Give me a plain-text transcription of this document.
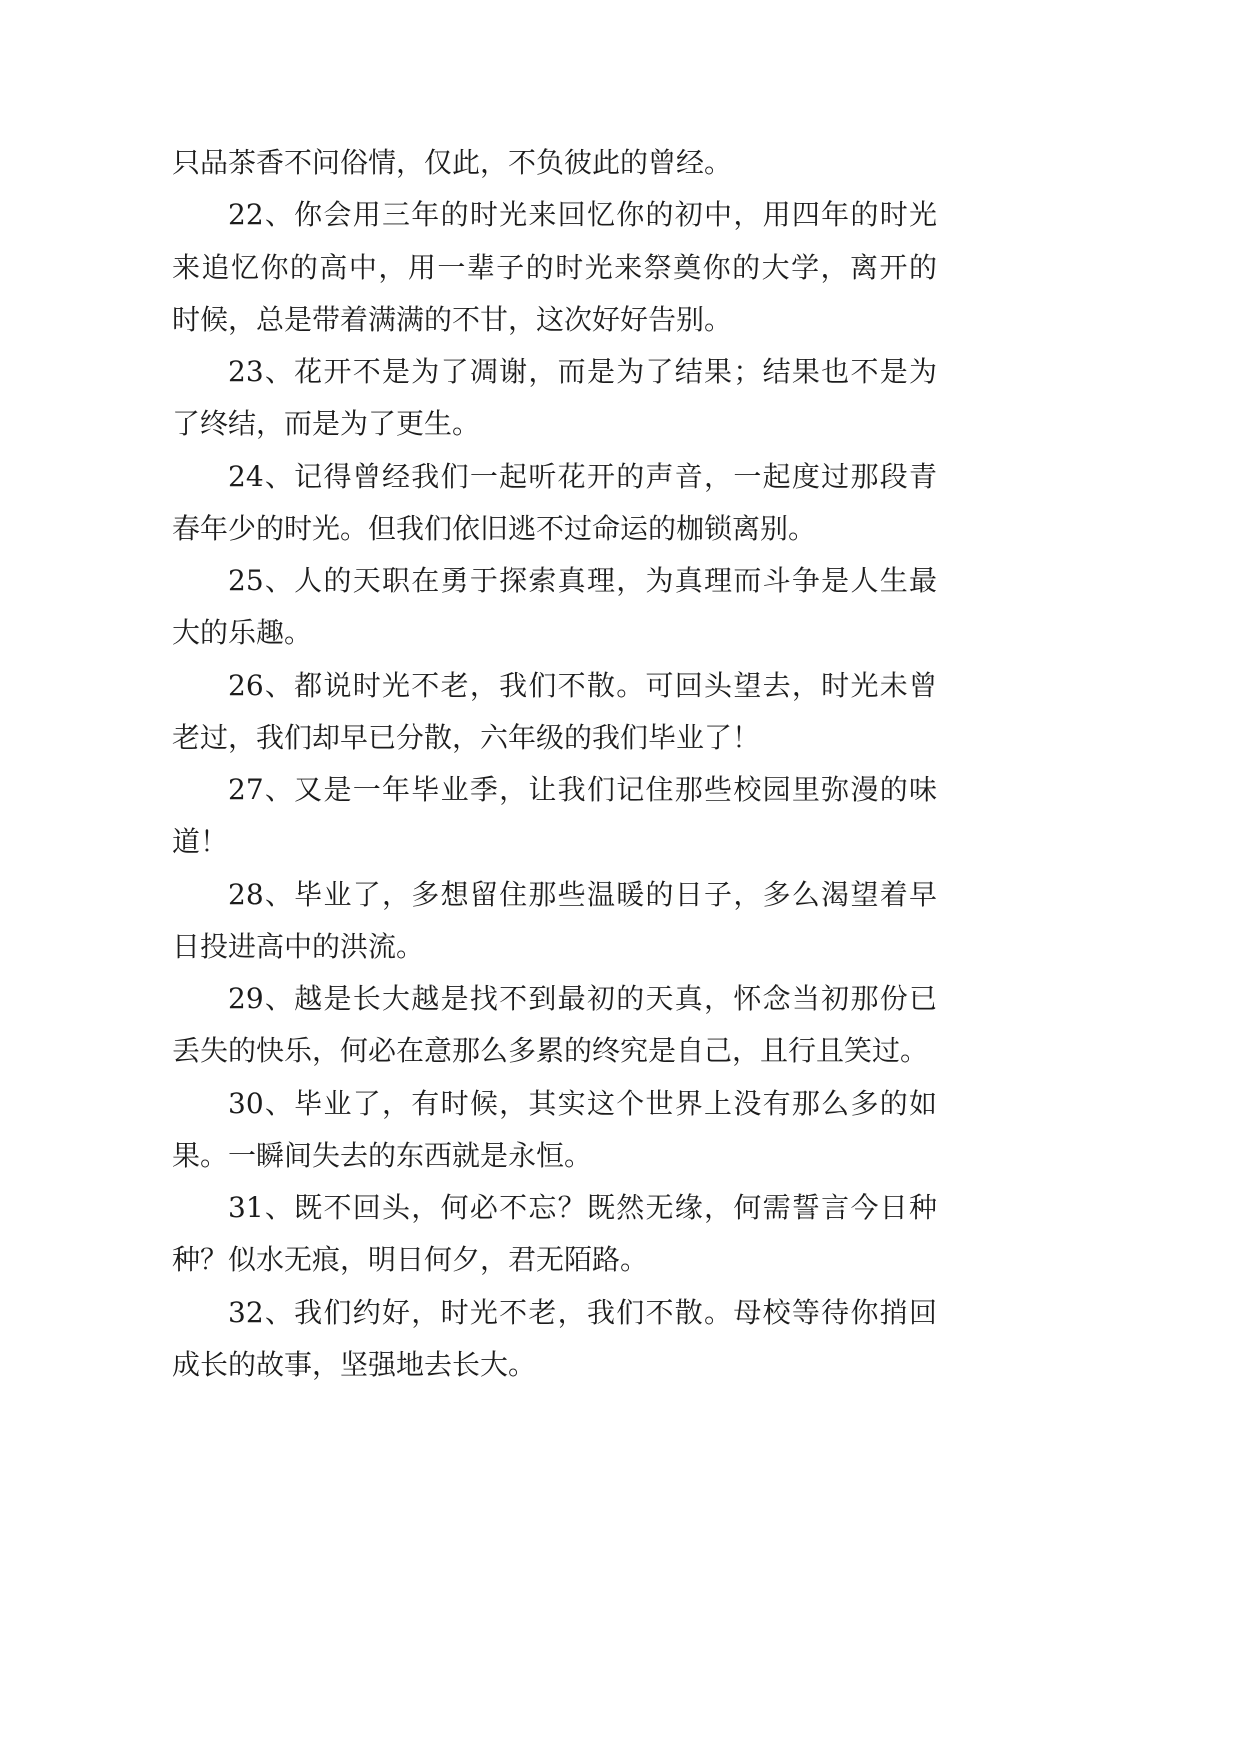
只品茶香不问俗情，仅此，不负彼此的曾经。
22、你会用三年的时光来回忆你的初中，用四年的时光
来追忆你的高中，用一辈子的时光来祭奠你的大学，离开的
时候，总是带着满满的不甘，这次好好告别。
23、花开不是为了凋谢，而是为了结果；结果也不是为
了终结，而是为了更生。
24、记得曾经我们一起听花开的声音，一起度过那段青
春年少的时光。但我们依旧逃不过命运的枷锁离别。
25、人的天职在勇于探索真理，为真理而斗争是人生最
大的乐趣。
26、都说时光不老，我们不散。可回头望去，时光未曾
老过，我们却早已分散，六年级的我们毕业了！
27、又是一年毕业季，让我们记住那些校园里弥漫的味
道！
28、毕业了，多想留住那些温暖的日子，多么渴望着早
日投进高中的洪流。
29、越是长大越是找不到最初的天真，怀念当初那份已
丢失的快乐，何必在意那么多累的终究是自己，且行且笑过。
30、毕业了，有时候，其实这个世界上没有那么多的如
果。一瞬间失去的东西就是永恒。
31、既不回头，何必不忘？既然无缘，何需誓言今日种
种？似水无痕，明日何夕，君无陌路。
32、我们约好，时光不老，我们不散。母校等待你捎回
成长的故事，坚强地去长大。
